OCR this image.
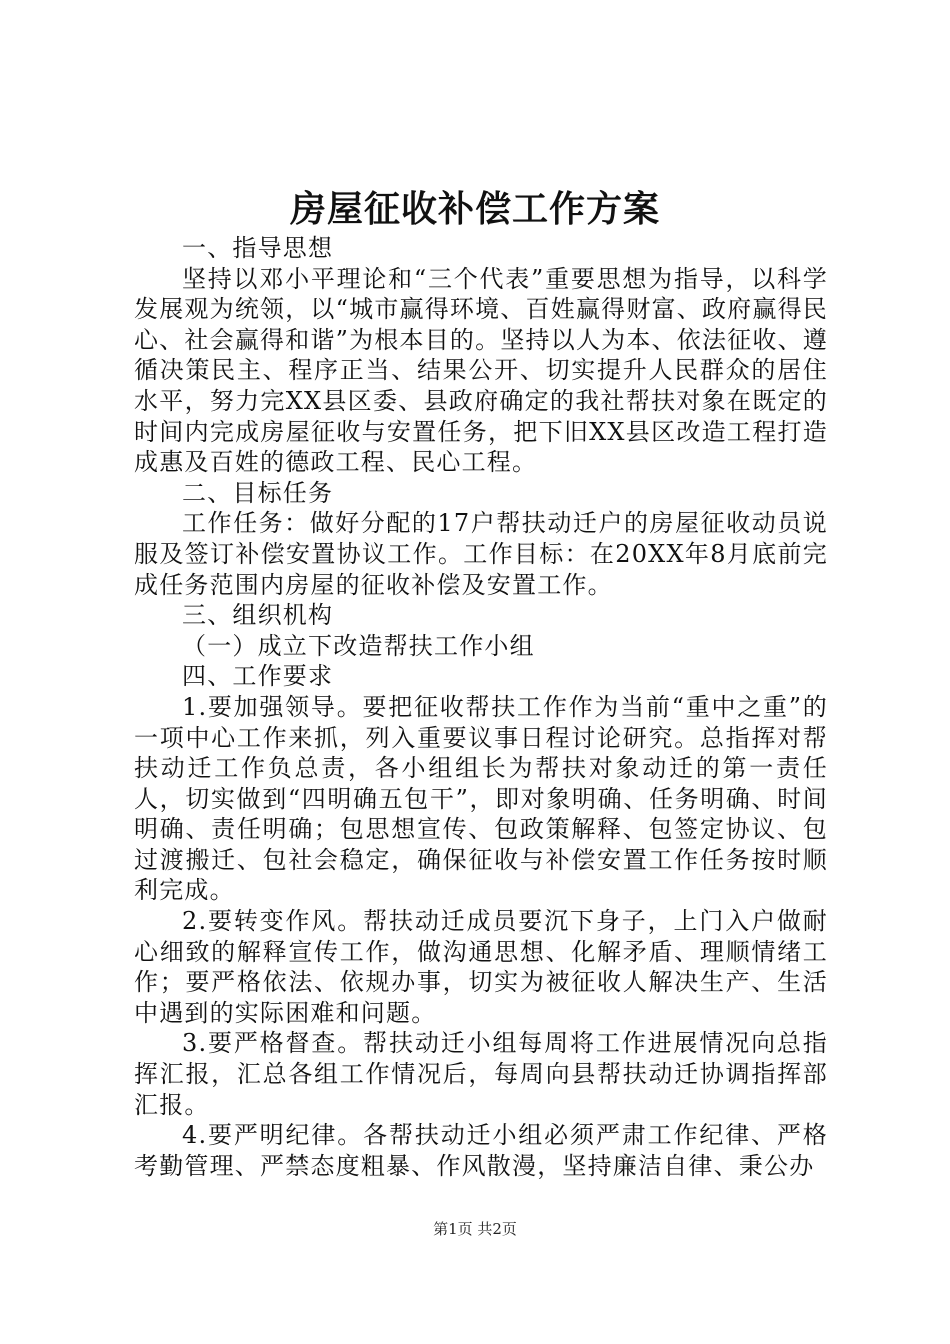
房屋征收补偿工作方案

一、指导思想

坚持以邓小平理论和“三个代表”重要思想为指导，以科学发展观为统领，以“城市赢得环境、百姓赢得财富、政府赢得民心、社会赢得和谐”为根本目的。坚持以人为本、依法征收、遵循决策民主、程序正当、结果公开、切实提升人民群众的居住水平，努力完XX县区委、县政府确定的我社帮扶对象在既定的时间内完成房屋征收与安置任务，把下旧XX县区改造工程打造成惠及百姓的德政工程、民心工程。

二、目标任务

工作任务：做好分配的17户帮扶动迁户的房屋征收动员说服及签订补偿安置协议工作。工作目标：在20XX年8月底前完成任务范围内房屋的征收补偿及安置工作。

三、组织机构

（一）成立下改造帮扶工作小组

四、工作要求

1.要加强领导。要把征收帮扶工作作为当前“重中之重”的一项中心工作来抓，列入重要议事日程讨论研究。总指挥对帮扶动迁工作负总责，各小组组长为帮扶对象动迁的第一责任人，切实做到“四明确五包干”，即对象明确、任务明确、时间明确、责任明确；包思想宣传、包政策解释、包签定协议、包过渡搬迁、包社会稳定，确保征收与补偿安置工作任务按时顺利完成。

2.要转变作风。帮扶动迁成员要沉下身子，上门入户做耐心细致的解释宣传工作，做沟通思想、化解矛盾、理顺情绪工作；要严格依法、依规办事，切实为被征收人解决生产、生活中遇到的实际困难和问题。

3.要严格督查。帮扶动迁小组每周将工作进展情况向总指挥汇报，汇总各组工作情况后，每周向县帮扶动迁协调指挥部汇报。

4.要严明纪律。各帮扶动迁小组必须严肃工作纪律、严格考勤管理、严禁态度粗暴、作风散漫，坚持廉洁自律、秉公办

第1页 共2页
